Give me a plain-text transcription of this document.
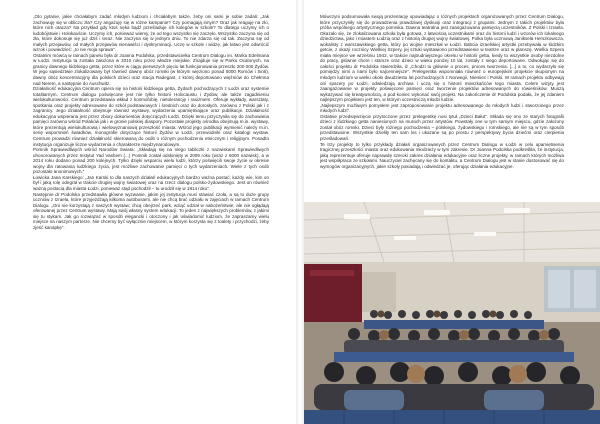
„Oto pytanie, jakie chciałabym zadać młodym ludziom i chciałabym także, żeby oni sami je sobie zadali: „Jak zachowuję się w obliczu zła? Czy angażuję się w różne kampanie? Czy pomagają innym? Oraz jak reaguję na zło, które nich otacza? Na przykład gdy ktoś nęka bądź prześladuje ich kolegów w szkole? To dlatego uczymy ich o ludobójstwie i Holokauście. Uczymy ich, ponieważ wiemy, że od tego wszystko się zaczęło. Wszystko zaczyna się od zła, które dokonuje się już dziś i teraz. Nie zaczyna się w jednym dniu. To nie zdarza się od tak. Zaczyna się od małych przejawów, od małych przejawów nienawiści i dyskryminacji. Uczę w szkole i widzę, jak łatwo jest odwrócić wzrok i powiedzieć: „to nie moja sprawa”.

Ostatnim mówcą w ramach panelu była dr Joanna Podolska, przedstawicielka Centrum Dialogu im. Marka Edelmana w Łodzi. Instytucja ta została założona w 2010 roku przez władze miejskie. Znajduje się w Parku Ocalonych, na granicy dawnego łódzkiego getta, przez które w ciągu pierwszych pięciu lat funkcjonowania przeszło 200 000 Żydów. W jego sąsiedztwie zlokalizowany był również dawny obóz romski (w którym więziono ponad 5000 Romów i Sinti), dawny obóz koncentracyjny dla polskich dzieci oraz stacja Radegast, z której deportowano więźniów do Chełmna nad Nerem, a następnie do Auschwitz.

Działalność edukacyjna Centrum opiera się na historii łódzkiego getta, Żydach pochodzących z Łodzi oraz systemie totalitarnym. Centrum dialogu poświęcone jest nie tylko historii Holocaustu i Żydów, ale także zagadnieniu wielokulturowości. Centrum przedstawia wkład z kosmofobię, nietolerancję i rasizmem. Oferuje wykłady, warsztaty, spotkania oraz projekty adresowane do szkół podstawowych i średnich oraz do dorosłych, zarówno z Polski jak i z zagranicy. Jego działalność obejmuje również wystawy, wydarzenia upamiętniające oraz publikacje. Działalność edukacyjna wspierana jest przez zbiory dokumentów dotyczących Łodzi. Dzięki temu przyczyniła się do zachowania pamięci zarówno wśród Polaków jak i w gronie polskiej diaspory. Pozostałe projekty ośrodka obejmują m.in. wystawy, które prezentują wielokulturową i wielowyznaniową przeszłość miasta. Wśród jego publikacji wymienić należy m.in. serię wspomnień świadków, monografie dotyczące historii Żydów w Łodzi, przewodniki oraz katalogi wystaw. Centrum prowadzi również działalność skierowaną do osób o różnym pochodzeniu etnicznym i religijnym. Ponadto instytucja organizuje liczne wydarzenia o charakterze międzynarodowym.

Pomnik Sprawiedliwych wśród Narodów Świata: „Składają się na niego tabliczki z nazwiskami Sprawiedliwych uhonorowanych przez Instytut Yad Vashem (...) Pomnik został odsłonięty w 2009 roku (wraz z 6000 nazwisk), a w 2014 roku dodano ponad 200 kolejnych. Tylko dzięki wsparciu wielu ludzi, którzy poświęcili swoje życie w okresie wojny dla ratowania ludzkiego życia, jest możliwe zachowanie pamięci o tych wydarzeniach. Wiele z tych osób pozostało anonimowych.”

Łowicka Jana Karskiego: „Jan Karski to dla naszych działań edukacyjnych bardzo ważna postać; każdy wie, kim on był i jaką rolę odegrał w trakcie drugiej wojny światowej oraz na rzecz dialogu polsko-żydowskiego. Jest on również ważną postacią dla miasta Łodzi, ponieważ stąd pochodził – tu urodził się w 1914 roku”.

Następnie dr Podolska przedstawiła główne wyzwanie, jakim jej instytucja musi stawiać czoła, a są to duże grupy uczniów z Izraela, które przyjeżdżają kilkoma autobusami, ale nie chcą brać udziału w zajęciach w ramach Centrum Dialogu. „Oni nie korzystają z naszych wystaw; chcą obejrzeć park, wziąć udział w nabożeństwie, ale nie ogłądają oferowanej przez Centrum wystawy. Mają swój własny system edukacji. To jeden z największych problemów, z jakimi się tu stykam. Jak go rozwiązać w sposób elegancki i otoczony i jak uświadomić ludziom, że zapraszamy wielu miejsce na naszym parterze. Nie chcemy być wyłącznie miejscem, w którym korzysta się z toalety i przychodzi, żeby zjeść kanapkę”.

Mówczyni podsumowała swoją prezentację opowiadając o różnych projektach organizowanych przez Centrum Dialogu, które przyczyniły się do prowadzenia prawdziwej dyskusji oraz integracji z grupami. Jednym z takich projektów była próba wspólnego artystycznego pomnika. Dawna teatralna jest zaangażowana pamięcią uczestników. Z Polski i Izraela. Okazało się, że zlokalizowana szkoła była gotowa, z łatwością uczestnikami oraz do historii ludzi i wzorów ich lokalnego dziedzictwa, jako i miastem Łodzią oraz z historią drugiej wojny światowej. Polka była uczniową Janiksela Herszkowicza, wokalisty z warszawskiego getta, który po wojnie mieszkał w Łodzi. Babcia izraelskiej artystki przebywała w łódzkim getcie, z okazji rocznicy Wielkiej Szpery, jej sztuki wystawiono przedstawienie w teatrze oraz w planszę. Wielka Szpera miała miejsce we wrześniu 1942, w trakcie najtrudniejszego okresu w historii getta, kiedy to wszystkie osoby niezdolne do pracy, głównie chore i starsze oraz dzieci w wieku poniżej 10 lat, zostały z niego deportowane. Odwołując się do całości projektu dr Podolska stwierdziła, iż „Chodzi tu głównie o proces, proces tworzenia. [...] a to, co wydarzyło się pomiędzy nimi a nami było najcenniejsze”. Prelegentka wspomniała również o europejskim projekcie skupionym na młodym ludziom w wieku około dwudziestu lat pochodzących z Norwegii, Niemiec i Polski. W ramach projektu odbywają oni spacery po Łodzi, odwiedzają archiwa i uczą się o historii mieszkańców tego miasta. Celem wizyty jest zaangażowanie w projekty poświęcone pamięci oraz tworzenie projektów adresowanych do rówieśników. Muszą wykazywać się kreatywnością, a pod koniec wykonać swój projekt. Na zakończenie dr Podolska podała, że jej zdaniem najlepszym projektem jest ten, w którym uczestniczą młodzi ludzie.

„Najlepszym możliwym pomysłem jest zaproponowanie projektu adresowanego do młodych ludzi i stworzonego przez młodych ludzi”.

Ostatnie przedsięwzięcie przytoczone przez prelegentkę nosi tytuł „Dzieci Bałut”. Składa się ono ze starych fotografii dzieci z łódzkiego getta naniesionych na murach przez artystów. Powstały one w tym samym miejscu, gdzie założony został obóz romski. Dzieci były różnego pochodzenia – polskiego, żydowskiego i romskiego, ale nie są w tym sposób przedstawione. Wszystkie dzieliły ten sam los i ukazane są po prostu z perspektywy bycia dziećmi oraz cierpienia prześladowań.

Te trzy projekty to tylko przykłady działań organizowanych przez Centrum Dialogu w Łodzi w celu upamiętnienia tragicznej przeszłości miasta oraz edukowania młodzieży w tym zakresie. Dr Joanna Podolska podkreśliła, że instytucja, jaką reprezentuje oferuje naprawdę szeroki zakres działania edukacyjne oraz liczne projekty, w ramach których możliwa jest współpraca ze szkołami. Nauczyciel zachęcany się do kontaktu, a Centrum Dialogu jest w stanie dostosować się do wymogów organizacyjnych, jakie szkoły posiadają i odwiedzać je, oferując działania edukacyjne.
